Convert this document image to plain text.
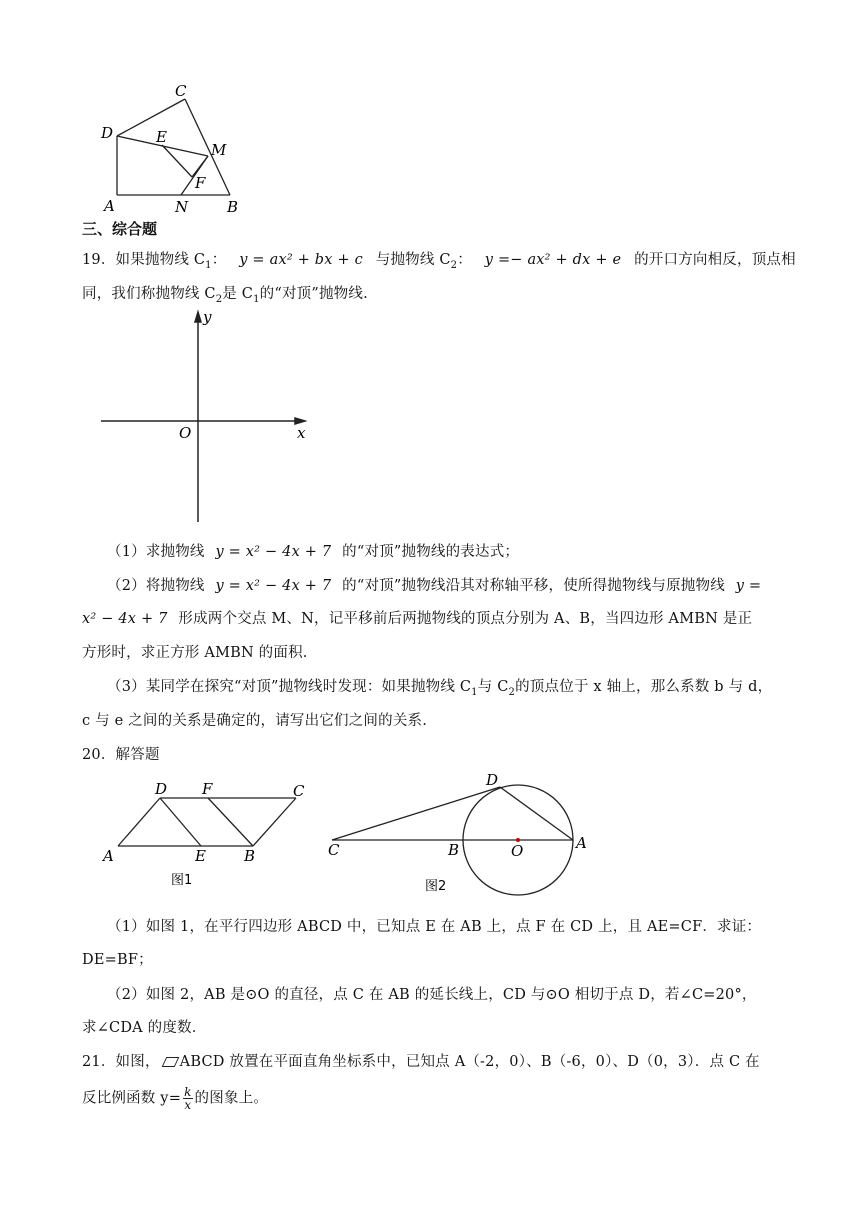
C
D	E
M
F
A	N	B
三、综合题
19．如果抛物线 $C_1$： y = ax² + bx + c 与抛物线 $C_2$： y =− ax² + dx + e 的开口方向相反，顶点相
同，我们称抛物线 $C_2$是 $C_1$的“对顶”抛物线.
y
x
O
（1）求抛物线 y = x² − 4x + 7 的“对顶”抛物线的表达式；
（2）将抛物线 y = x² − 4x + 7 的“对顶”抛物线沿其对称轴平移，使所得抛物线与原抛物线 y =
x² − 4x + 7 形成两个交点 M、N，记平移前后两抛物线的顶点分别为 A、B，当四边形 AMBN 是正
方形时，求正方形 AMBN 的面积.
（3）某同学在探究“对顶”抛物线时发现：如果抛物线 $C_1$与 $C_2$的顶点位于 x 轴上，那么系数 b 与 d，
c 与 e 之间的关系是确定的，请写出它们之间的关系.
20．解答题
D F	C
A	E	B
图1
D
C	B	O	A
图2
（1）如图 1，在平行四边形 ABCD 中，已知点 E 在 AB 上，点 F 在 CD 上，且 AE=CF．求证：
DE=BF；
（2）如图 2，AB 是⊙O 的直径，点 C 在 AB 的延长线上，CD 与⊙O 相切于点 D，若∠C=20°，
求∠CDA 的度数．
21．如图， ABCD 放置在平面直角坐标系中，已知点 A（-2，0）、B（-6，0）、D（0，3）．点 C 在
反比例函数 $y= \frac{k}{x}$ 的图象上。
